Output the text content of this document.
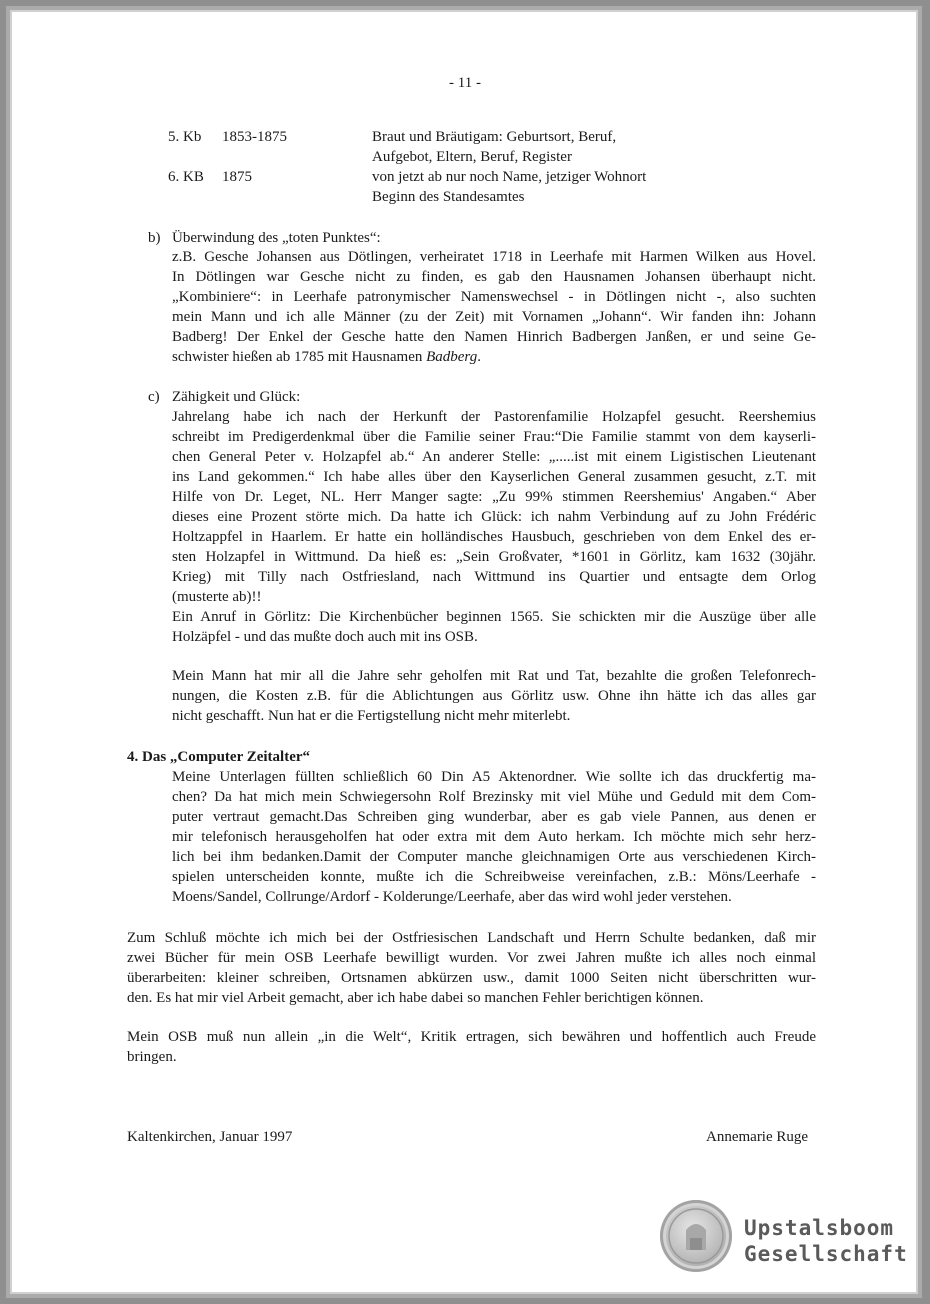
- 11 -
5. Kb 1853-1875	Braut und Bräutigam: Geburtsort, Beruf,
Aufgebot, Eltern, Beruf, Register
6. KB 1875	von jetzt ab nur noch Name, jetziger Wohnort
Beginn des Standesamtes
b) Überwindung des „toten Punktes“:
z.B. Gesche Johansen aus Dötlingen, verheiratet 1718 in Leerhafe mit Harmen Wilken aus Hovel.
In Dötlingen war Gesche nicht zu finden, es gab den Hausnamen Johansen überhaupt nicht.
„Kombiniere“: in Leerhafe patronymischer Namenswechsel - in Dötlingen nicht -, also suchten
mein Mann und ich alle Männer (zu der Zeit) mit Vornamen „Johann“. Wir fanden ihn: Johann
Badberg! Der Enkel der Gesche hatte den Namen Hinrich Badbergen Janßen, er und seine Ge-
schwister hießen ab 1785 mit Hausnamen Badberg.
c) Zähigkeit und Glück:
Jahrelang habe ich nach der Herkunft der Pastorenfamilie Holzapfel gesucht. Reershemius
schreibt im Predigerdenkmal über die Familie seiner Frau:“Die Familie stammt von dem kayserli-
chen General Peter v. Holzapfel ab.“ An anderer Stelle: „.....ist mit einem Ligistischen Lieutenant
ins Land gekommen.“ Ich habe alles über den Kayserlichen General zusammen gesucht, z.T. mit
Hilfe von Dr. Leget, NL. Herr Manger sagte: „Zu 99% stimmen Reershemius' Angaben.“ Aber
dieses eine Prozent störte mich. Da hatte ich Glück: ich nahm Verbindung auf zu John Frédéric
Holtzappfel in Haarlem. Er hatte ein holländisches Hausbuch, geschrieben von dem Enkel des er-
sten Holzapfel in Wittmund. Da hieß es: „Sein Großvater, *1601 in Görlitz, kam 1632 (30jähr.
Krieg) mit Tilly nach Ostfriesland, nach Wittmund ins Quartier und entsagte dem Orlog
(musterte ab)!!
Ein Anruf in Görlitz: Die Kirchenbücher beginnen 1565. Sie schickten mir die Auszüge über alle
Holzäpfel - und das mußte doch auch mit ins OSB.
Mein Mann hat mir all die Jahre sehr geholfen mit Rat und Tat, bezahlte die großen Telefonrech-
nungen, die Kosten z.B. für die Ablichtungen aus Görlitz usw. Ohne ihn hätte ich das alles gar
nicht geschafft. Nun hat er die Fertigstellung nicht mehr miterlebt.
4. Das „Computer Zeitalter“
Meine Unterlagen füllten schließlich 60 Din A5 Aktenordner. Wie sollte ich das druckfertig ma-
chen? Da hat mich mein Schwiegersohn Rolf Brezinsky mit viel Mühe und Geduld mit dem Com-
puter vertraut gemacht.Das Schreiben ging wunderbar, aber es gab viele Pannen, aus denen er
mir telefonisch herausgeholfen hat oder extra mit dem Auto herkam. Ich möchte mich sehr herz-
lich bei ihm bedanken.Damit der Computer manche gleichnamigen Orte aus verschiedenen Kirch-
spielen unterscheiden konnte, mußte ich die Schreibweise vereinfachen, z.B.: Möns/Leerhafe -
Moens/Sandel, Collrunge/Ardorf - Kolderunge/Leerhafe, aber das wird wohl jeder verstehen.
Zum Schluß möchte ich mich bei der Ostfriesischen Landschaft und Herrn Schulte bedanken, daß mir
zwei Bücher für mein OSB Leerhafe bewilligt wurden. Vor zwei Jahren mußte ich alles noch einmal
überarbeiten: kleiner schreiben, Ortsnamen abkürzen usw., damit 1000 Seiten nicht überschritten wur-
den. Es hat mir viel Arbeit gemacht, aber ich habe dabei so manchen Fehler berichtigen können.
Mein OSB muß nun allein „in die Welt“, Kritik ertragen, sich bewähren und hoffentlich auch Freude
bringen.
Kaltenkirchen, Januar 1997	Annemarie Ruge
Upstalsboom
Gesellschaft
